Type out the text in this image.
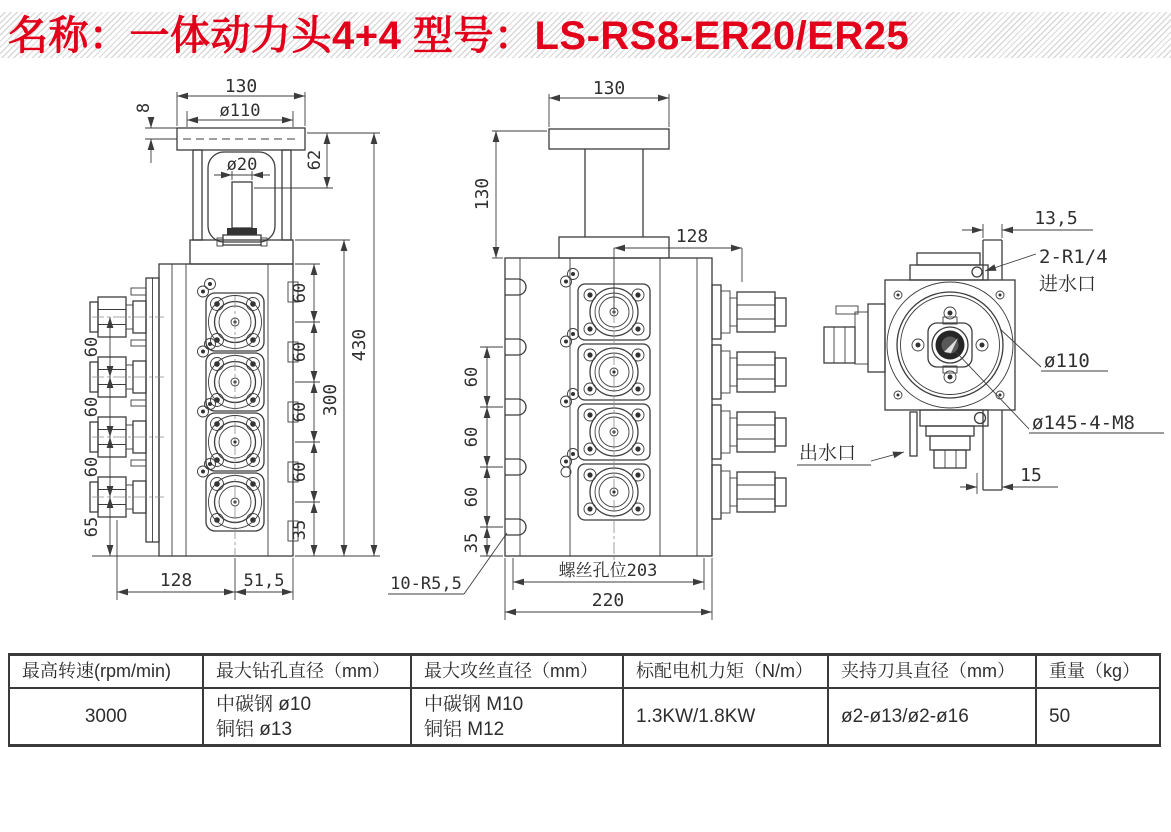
名称：一体动力头4+4 型号：LS-RS8-ER20/ER25
130
ø110
8
ø20	62
60
60
60
60
35
300
430
60
60
60
65
128	51,5
130
130
128
60
60
60
35
10-R5,5
螺丝孔位203
220
13,5
2-R1/4
进水口
ø110
ø145-4-M8
15
出水口
最高转速(rpm/min)
3000
最大钻孔直径（mm）
中碳钢 ø10
铜铝 ø13
最大攻丝直径（mm）
中碳钢 M10
铜铝 M12
标配电机力矩（N/m）
1.3KW/1.8KW
夹持刀具直径（mm）
ø2-ø13/ø2-ø16
重量（kg）
50
